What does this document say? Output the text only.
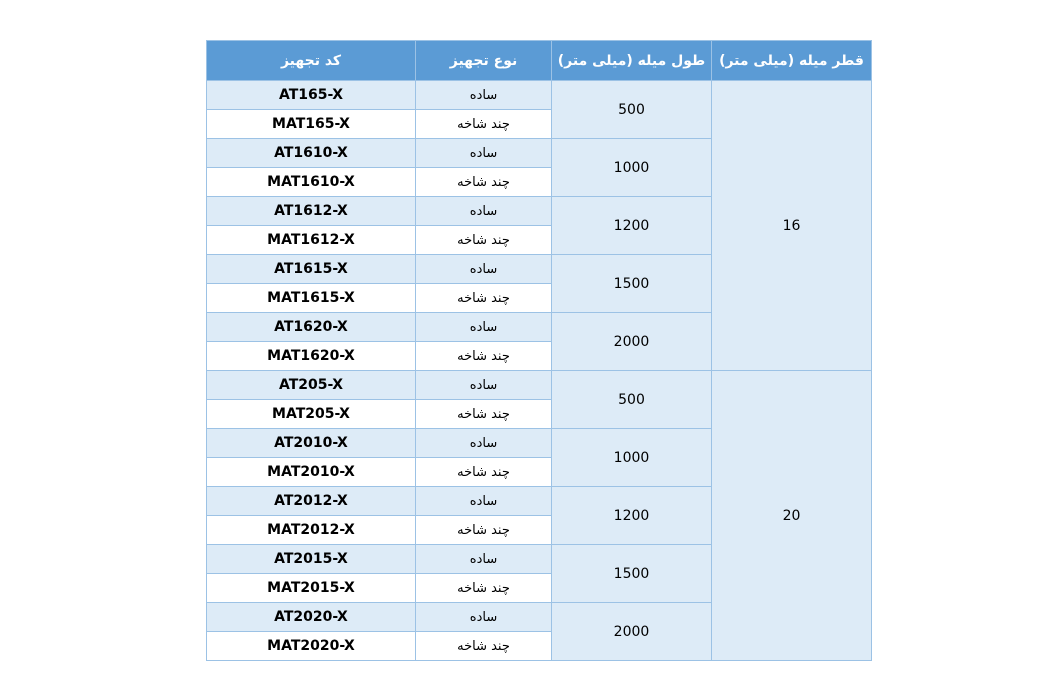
کد تجهیز	نوع تجهیز	طول میله (میلی متر)	قطر میله (میلی متر)
AT165-X	ساده	500	16
MAT165-X	چند شاخه		
AT1610-X	ساده	1000	
MAT1610-X	چند شاخه		
AT1612-X	ساده	1200	
MAT1612-X	چند شاخه		
AT1615-X	ساده	1500	
MAT1615-X	چند شاخه		
AT1620-X	ساده	2000	
MAT1620-X	چند شاخه		
AT205-X	ساده	500	20
MAT205-X	چند شاخه		
AT2010-X	ساده	1000	
MAT2010-X	چند شاخه		
AT2012-X	ساده	1200	
MAT2012-X	چند شاخه		
AT2015-X	ساده	1500	
MAT2015-X	چند شاخه		
AT2020-X	ساده	2000	
MAT2020-X	چند شاخه		
